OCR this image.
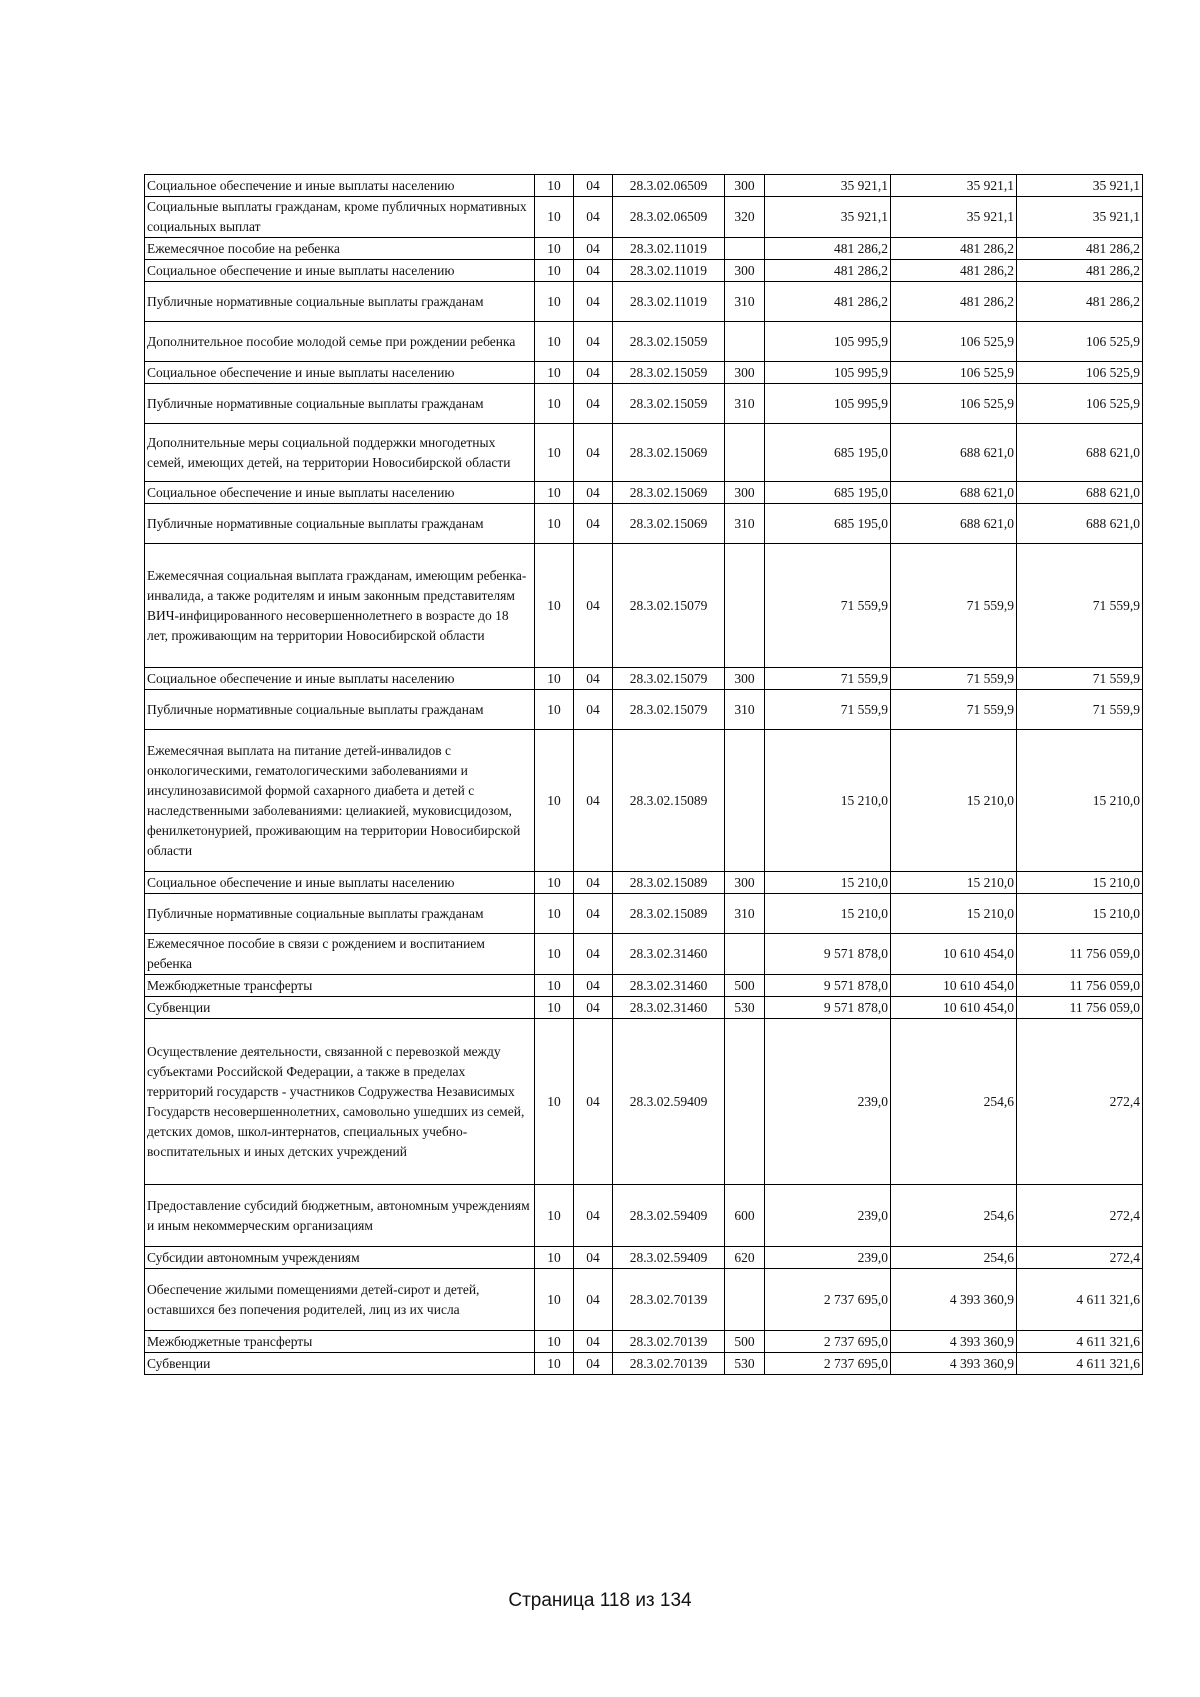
Социальное обеспечение и иные выплаты населению	10	04	28.3.02.06509	300	35 921,1	35 921,1	35 921,1
Социальные выплаты гражданам, кроме публичных нормативных социальных выплат	10	04	28.3.02.06509	320	35 921,1	35 921,1	35 921,1
Ежемесячное пособие на ребенка	10	04	28.3.02.11019		481 286,2	481 286,2	481 286,2
Социальное обеспечение и иные выплаты населению	10	04	28.3.02.11019	300	481 286,2	481 286,2	481 286,2
Публичные нормативные социальные выплаты гражданам	10	04	28.3.02.11019	310	481 286,2	481 286,2	481 286,2
Дополнительное пособие молодой семье при рождении ребенка	10	04	28.3.02.15059		105 995,9	106 525,9	106 525,9
Социальное обеспечение и иные выплаты населению	10	04	28.3.02.15059	300	105 995,9	106 525,9	106 525,9
Публичные нормативные социальные выплаты гражданам	10	04	28.3.02.15059	310	105 995,9	106 525,9	106 525,9
Дополнительные меры социальной поддержки многодетных семей, имеющих детей, на территории Новосибирской области	10	04	28.3.02.15069		685 195,0	688 621,0	688 621,0
Социальное обеспечение и иные выплаты населению	10	04	28.3.02.15069	300	685 195,0	688 621,0	688 621,0
Публичные нормативные социальные выплаты гражданам	10	04	28.3.02.15069	310	685 195,0	688 621,0	688 621,0
Ежемесячная социальная выплата гражданам, имеющим ребенка-инвалида, а также родителям и иным законным представителям ВИЧ-инфицированного несовершеннолетнего в возрасте до 18 лет, проживающим на территории Новосибирской области	10	04	28.3.02.15079		71 559,9	71 559,9	71 559,9
Социальное обеспечение и иные выплаты населению	10	04	28.3.02.15079	300	71 559,9	71 559,9	71 559,9
Публичные нормативные социальные выплаты гражданам	10	04	28.3.02.15079	310	71 559,9	71 559,9	71 559,9
Ежемесячная выплата на питание детей-инвалидов с онкологическими, гематологическими заболеваниями и инсулинозависимой формой сахарного диабета и детей с наследственными заболеваниями: целиакией, муковисцидозом, фенилкетонурией, проживающим на территории Новосибирской области	10	04	28.3.02.15089		15 210,0	15 210,0	15 210,0
Социальное обеспечение и иные выплаты населению	10	04	28.3.02.15089	300	15 210,0	15 210,0	15 210,0
Публичные нормативные социальные выплаты гражданам	10	04	28.3.02.15089	310	15 210,0	15 210,0	15 210,0
Ежемесячное пособие в связи с рождением и воспитанием ребенка	10	04	28.3.02.31460		9 571 878,0	10 610 454,0	11 756 059,0
Межбюджетные трансферты	10	04	28.3.02.31460	500	9 571 878,0	10 610 454,0	11 756 059,0
Субвенции	10	04	28.3.02.31460	530	9 571 878,0	10 610 454,0	11 756 059,0
Осуществление деятельности, связанной с перевозкой между субъектами Российской Федерации, а также в пределах территорий государств - участников Содружества Независимых Государств несовершеннолетних, самовольно ушедших из семей, детских домов, школ-интернатов, специальных учебно-воспитательных и иных детских учреждений	10	04	28.3.02.59409		239,0	254,6	272,4
Предоставление субсидий бюджетным, автономным учреждениям и иным некоммерческим организациям	10	04	28.3.02.59409	600	239,0	254,6	272,4
Субсидии автономным учреждениям	10	04	28.3.02.59409	620	239,0	254,6	272,4
Обеспечение жилыми помещениями детей-сирот и детей, оставшихся без попечения родителей, лиц из их числа	10	04	28.3.02.70139		2 737 695,0	4 393 360,9	4 611 321,6
Межбюджетные трансферты	10	04	28.3.02.70139	500	2 737 695,0	4 393 360,9	4 611 321,6
Субвенции	10	04	28.3.02.70139	530	2 737 695,0	4 393 360,9	4 611 321,6
Страница 118 из 134
